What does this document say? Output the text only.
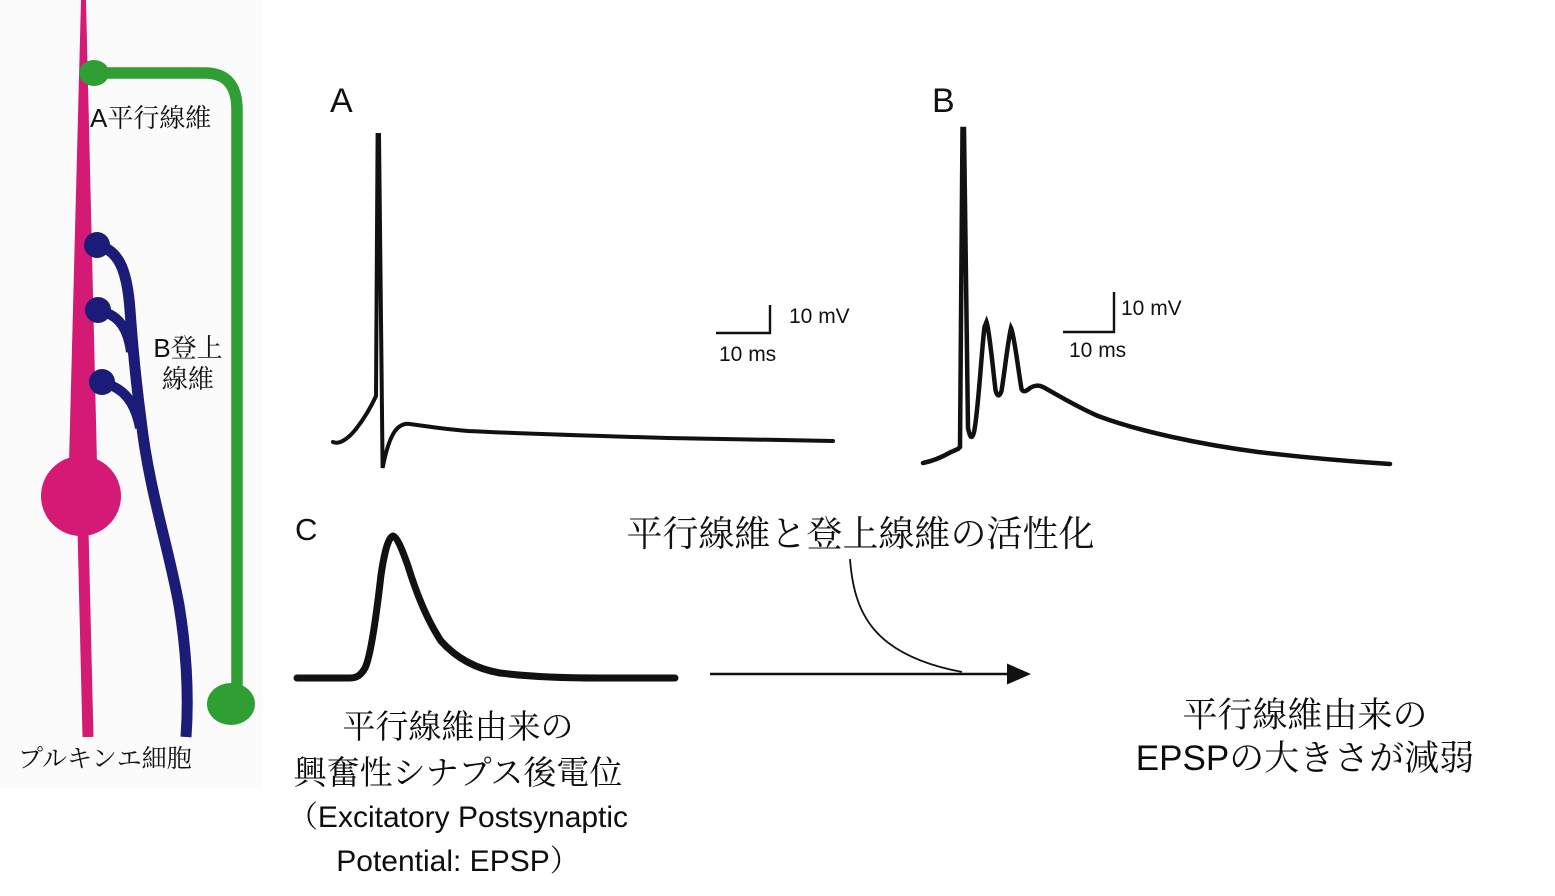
A平行線維
B登上
線維
プルキンエ細胞
A
10 mV
10 ms
B
10 mV
10 ms
C	平行線維と登上線維の活性化
平行線維由来の
興奮性シナプス後電位
（Excitatory Postsynaptic
Potential: EPSP）
平行線維由来の
EPSPの大きさが減弱
